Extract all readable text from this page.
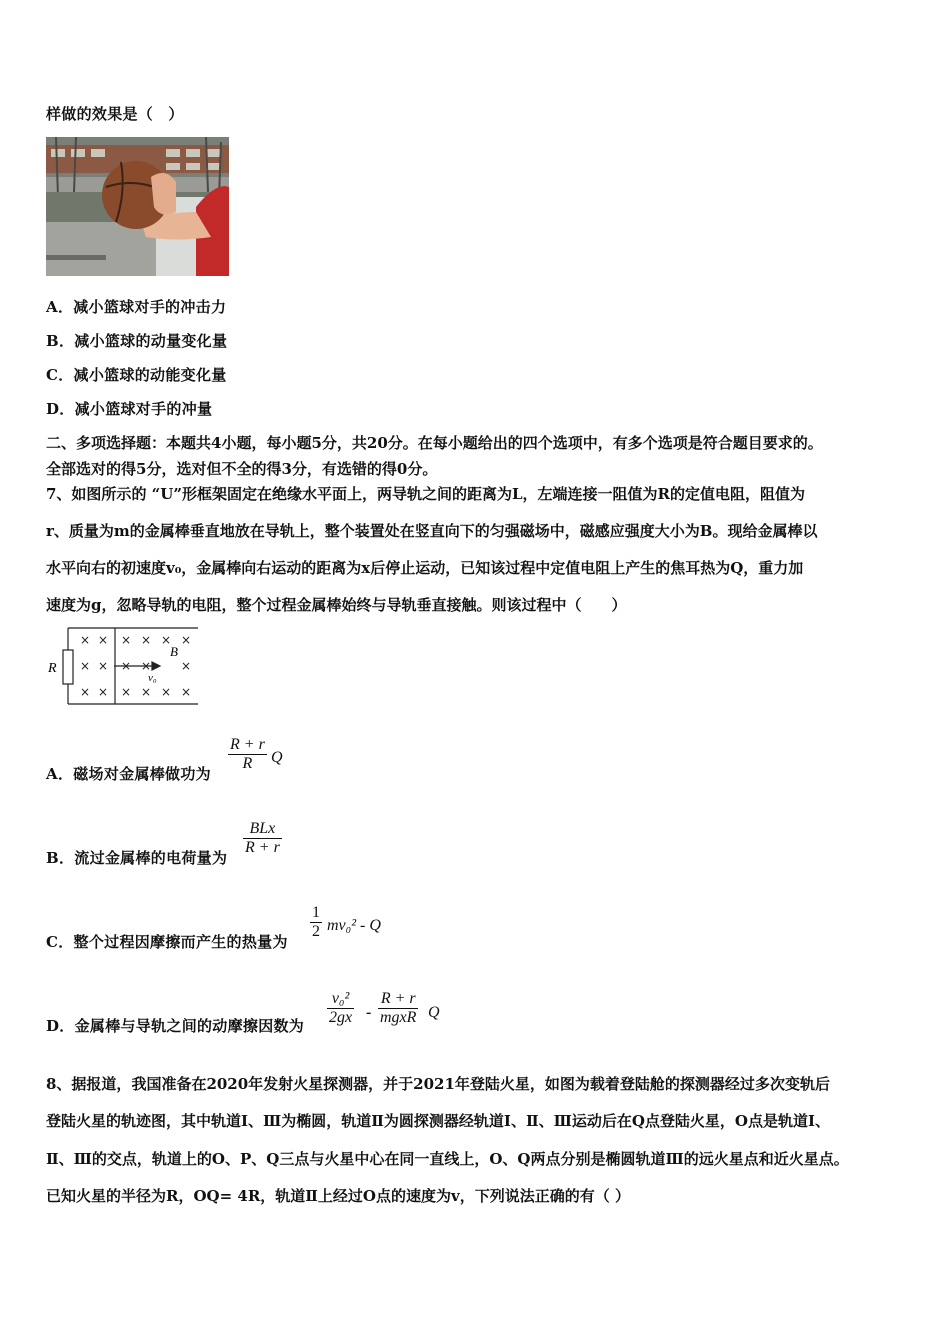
样做的效果是（　）
A．减小篮球对手的冲击力
B．减小篮球的动量变化量
C．减小篮球的动能变化量
D．减小篮球对手的冲量
二、多项选择题：本题共4小题，每小题5分，共20分。在每小题给出的四个选项中，有多个选项是符合题目要求的。
全部选对的得5分，选对但不全的得3分，有选错的得0分。
7、如图所示的 “U”形框架固定在绝缘水平面上，两导轨之间的距离为L，左端连接一阻值为R的定值电阻，阻值为
r、质量为m的金属棒垂直地放在导轨上，整个装置处在竖直向下的匀强磁场中，磁感应强度大小为B。现给金属棒以
水平向右的初速度v₀，金属棒向右运动的距离为x后停止运动，已知该过程中定值电阻上产生的焦耳热为Q，重力加
速度为g，忽略导轨的电阻，整个过程金属棒始终与导轨垂直接触。则该过程中（　　）
R
B
v₀
× × × × × ×
× × × × ×
× × × × × ×
A．磁场对金属棒做功为
R + r
R	Q
B．流过金属棒的电荷量为
BLx
R + r
C．整个过程因摩擦而产生的热量为
1
2 mv₀² - Q
D．金属棒与导轨之间的动摩擦因数为
v₀²
2gx -
R + r
mgxR Q
8、据报道，我国准备在2020年发射火星探测器，并于2021年登陆火星，如图为载着登陆舱的探测器经过多次变轨后
登陆火星的轨迹图，其中轨道Ⅰ、Ⅲ为椭圆，轨道Ⅱ为圆探测器经轨道Ⅰ、Ⅱ、Ⅲ运动后在Q点登陆火星，O点是轨道Ⅰ、
Ⅱ、Ⅲ的交点，轨道上的O、P、Q三点与火星中心在同一直线上，O、Q两点分别是椭圆轨道Ⅲ的远火星点和近火星点。
已知火星的半径为R，OQ= 4R，轨道Ⅱ上经过O点的速度为v，下列说法正确的有（ ）
